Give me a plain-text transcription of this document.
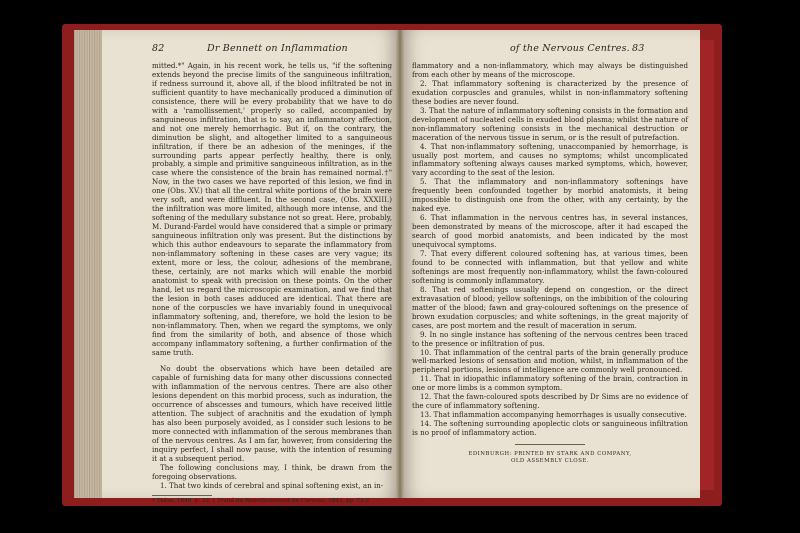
82	Dr Bennett on Inflammation

mitted.*" Again, in his recent work, he tells us, "if the softening extends beyond the precise limits of the sanguineous infiltration, if redness surround it, above all, if the blood infiltrated be not in sufficient quantity to have mechanically produced a diminution of consistence, there will be every probability that we have to do with a 'ramollissement,' properly so called, accompanied by sanguineous infiltration, that is to say, an inflammatory affection, and not one merely hemorrhagic. But if, on the contrary, the diminution be slight, and altogether limited to a sanguineous infiltration, if there be an adhesion of the meninges, if the surrounding parts appear perfectly healthy, there is only, probably, a simple and primitive sanguineous infiltration, as in the case where the consistence of the brain has remained normal.†" Now, in the two cases we have reported of this lesion, we find in one (Obs. XV.) that all the central white portions of the brain were very soft, and were diffluent. In the second case, (Obs. XXXIII.) the infiltration was more limited, although more intense, and the softening of the medullary substance not so great. Here, probably, M. Durand-Fardel would have considered that a simple or primary sanguineous infiltration only was present. But the distinctions by which this author endeavours to separate the inflammatory from non-inflammatory softening in these cases are very vague; its extent, more or less, the colour, adhesions of the membrane, these, certainly, are not marks which will enable the morbid anatomist to speak with precision on these points. On the other hand, let us regard the microscopic examination, and we find that the lesion in both cases adduced are identical. That there are none of the corpuscles we have invariably found in unequivocal inflammatory softening, and, therefore, we hold the lesion to be non-inflammatory. Then, when we regard the symptoms, we only find from the similarity of both, and absence of those which accompany inflammatory softening, a further confirmation of the same truth.

No doubt the observations which have been detailed are capable of furnishing data for many other discussions connected with inflammation of the nervous centres. There are also other lesions dependent on this morbid process, such as induration, the occurrence of abscesses and tumours, which have received little attention. The subject of arachnitis and the exudation of lymph has also been purposely avoided, as I consider such lesions to be more connected with inflammation of the serous membranes than of the nervous centres. As I am far, however, from considering the inquiry perfect, I shall now pause, with the intention of resuming it at a subsequent period.

The following conclusions may, I think, be drawn from the foregoing observations.

1. That two kinds of cerebral and spinal softening exist, an in-

* Thèse, 1840, p. 32. † Traité du Ramollissement du Cerveau, 1843, pp. 71-2.
of the Nervous Centres. 83

flammatory and a non-inflammatory, which may always be distinguished from each other by means of the microscope.

2. That inflammatory softening is characterized by the presence of exudation corpuscles and granules, whilst in non-inflammatory softening these bodies are never found.

3. That the nature of inflammatory softening consists in the formation and development of nucleated cells in exuded blood plasma; whilst the nature of non-inflammatory softening consists in the mechanical destruction or maceration of the nervous tissue in serum, or is the result of putrefaction.

4. That non-inflammatory softening, unaccompanied by hemorrhage, is usually post mortem, and causes no symptoms; whilst uncomplicated inflammatory softening always causes marked symptoms, which, however, vary according to the seat of the lesion.

5. That the inflammatory and non-inflammatory softenings have frequently been confounded together by morbid anatomists, it being impossible to distinguish one from the other, with any certainty, by the naked eye.

6. That inflammation in the nervous centres has, in several instances, been demonstrated by means of the microscope, after it had escaped the search of good morbid anatomists, and been indicated by the most unequivocal symptoms.

7. That every different coloured softening has, at various times, been found to be connected with inflammation, but that yellow and white softenings are most frequently non-inflammatory, whilst the fawn-coloured softening is commonly inflammatory.

8. That red softenings usually depend on congestion, or the direct extravasation of blood; yellow softenings, on the imbibition of the colouring matter of the blood; fawn and gray-coloured softenings on the presence of brown exudation corpuscles; and white softenings, in the great majority of cases, are post mortem and the result of maceration in serum.

9. In no single instance has softening of the nervous centres been traced to the presence or infiltration of pus.

10. That inflammation of the central parts of the brain generally produce well-marked lesions of sensation and motion, whilst, in inflammation of the peripheral portions, lesions of intelligence are commonly well pronounced.

11. That in idiopathic inflammatory softening of the brain, contraction in one or more limbs is a common symptom.

12. That the fawn-coloured spots described by Dr Sims are no evidence of the cure of inflammatory softening.

13. That inflammation accompanying hemorrhages is usually consecutive.

14. The softening surrounding apoplectic clots or sanguineous infiltration is no proof of inflammatory action.

EDINBURGH: PRINTED BY STARK AND COMPANY,
OLD ASSEMBLY CLOSE.
